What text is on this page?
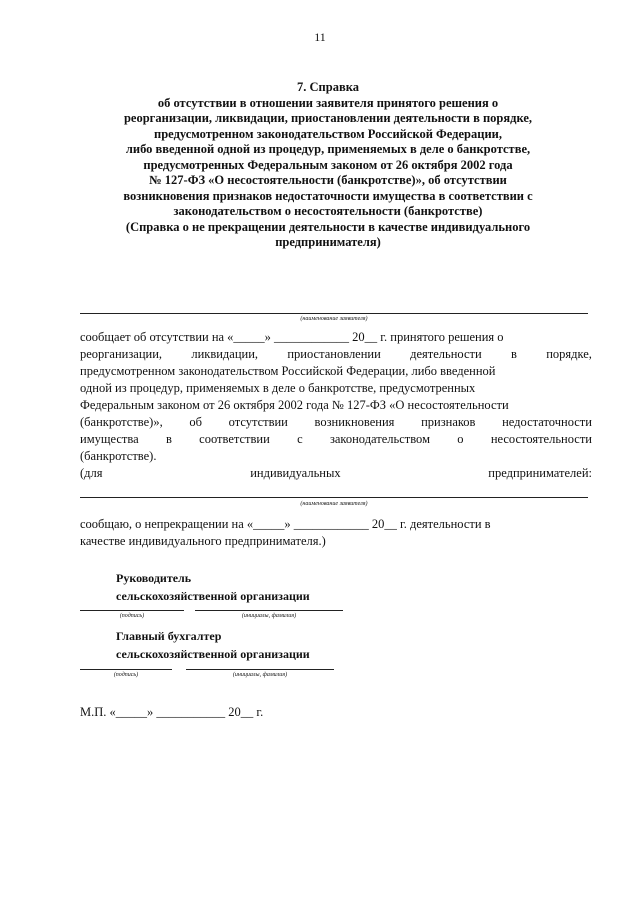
11
7. Справка
об отсутствии в отношении заявителя принятого решения о
реорганизации, ликвидации, приостановлении деятельности в порядке,
предусмотренном законодательством Российской Федерации,
либо введенной одной из процедур, применяемых в деле о банкротстве,
предусмотренных Федеральным законом от 26 октября 2002 года
№ 127-ФЗ «О несостоятельности (банкротстве)», об отсутствии
возникновения признаков недостаточности имущества в соответствии с
законодательством о несостоятельности (банкротстве)
(Справка о не прекращении деятельности в качестве индивидуального
предпринимателя)
(наименование заявителя)
сообщает об отсутствии на «_____» ____________ 20__ г. принятого решения о
реорганизации, ликвидации, приостановлении деятельности в порядке,
предусмотренном законодательством Российской Федерации, либо введенной
одной из процедур, применяемых в деле о банкротстве, предусмотренных
Федеральным законом от 26 октября 2002 года № 127-ФЗ «О несостоятельности
(банкротстве)», об отсутствии возникновения признаков недостаточности
имущества в соответствии с законодательством о несостоятельности
(банкротстве).
(для	индивидуальных	предпринимателей:
(наименование заявителя)
сообщаю, о непрекращении на «_____» ____________ 20__ г. деятельности в
качестве индивидуального предпринимателя.)
Руководитель
сельскохозяйственной организации
(подпись)	(инициалы, фамилия)
Главный бухгалтер
сельскохозяйственной организации
(подпись)	(инициалы, фамилия)
М.П. «_____» ___________ 20__ г.
